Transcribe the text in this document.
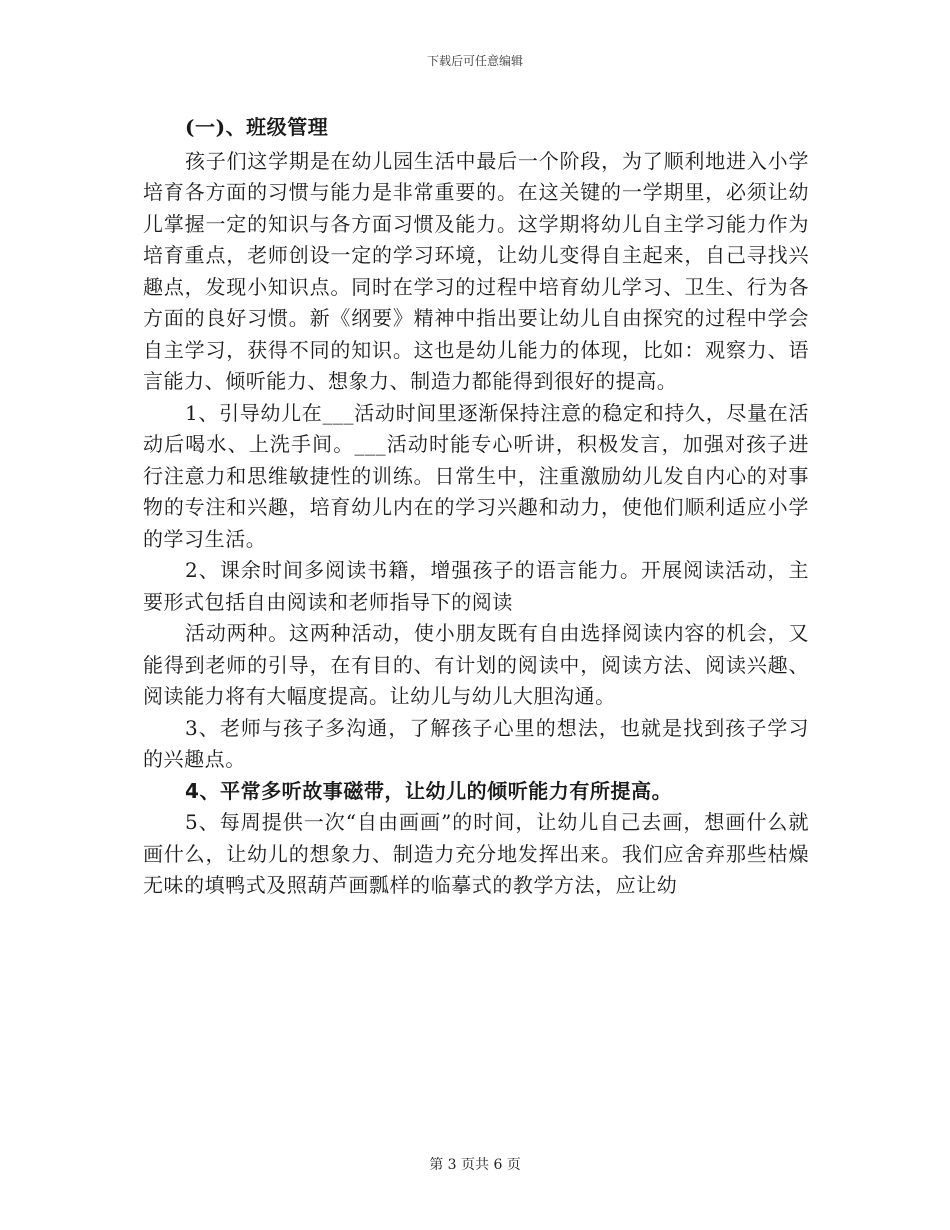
下载后可任意编辑

(一)、班级管理

孩子们这学期是在幼儿园生活中最后一个阶段，为了顺利地进入小学培育各方面的习惯与能力是非常重要的。在这关键的一学期里，必须让幼儿掌握一定的知识与各方面习惯及能力。这学期将幼儿自主学习能力作为培育重点，老师创设一定的学习环境，让幼儿变得自主起来，自己寻找兴趣点，发现小知识点。同时在学习的过程中培育幼儿学习、卫生、行为各方面的良好习惯。新《纲要》精神中指出要让幼儿自由探究的过程中学会自主学习，获得不同的知识。这也是幼儿能力的体现，比如：观察力、语言能力、倾听能力、想象力、制造力都能得到很好的提高。

1、引导幼儿在___活动时间里逐渐保持注意的稳定和持久，尽量在活动后喝水、上洗手间。___活动时能专心听讲，积极发言，加强对孩子进行注意力和思维敏捷性的训练。日常生中，注重激励幼儿发自内心的对事物的专注和兴趣，培育幼儿内在的学习兴趣和动力，使他们顺利适应小学的学习生活。

2、课余时间多阅读书籍，增强孩子的语言能力。开展阅读活动，主要形式包括自由阅读和老师指导下的阅读

活动两种。这两种活动，使小朋友既有自由选择阅读内容的机会，又能得到老师的引导，在有目的、有计划的阅读中，阅读方法、阅读兴趣、阅读能力将有大幅度提高。让幼儿与幼儿大胆沟通。

3、老师与孩子多沟通，了解孩子心里的想法，也就是找到孩子学习的兴趣点。

4、平常多听故事磁带，让幼儿的倾听能力有所提高。

5、每周提供一次“自由画画”的时间，让幼儿自己去画，想画什么就画什么，让幼儿的想象力、制造力充分地发挥出来。我们应舍弃那些枯燥无味的填鸭式及照葫芦画瓢样的临摹式的教学方法，应让幼

第 3 页共 6 页
